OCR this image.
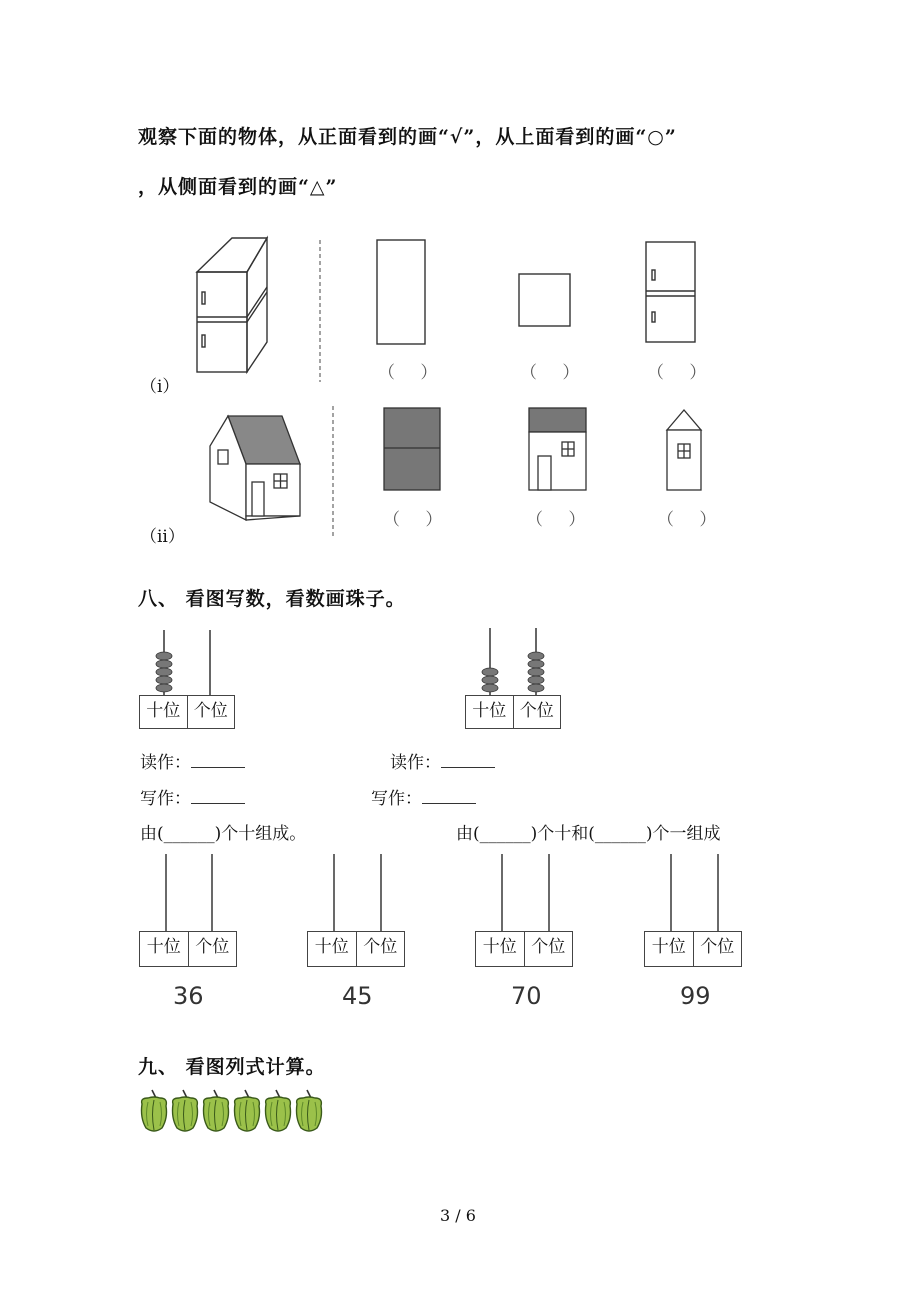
观察下面的物体，从正面看到的画“√”，从上面看到的画“○”
，从侧面看到的画“△”
（i）
（ ）	（ ）	（ ）
（ii）
（ ）	（ ）	（ ）
八、 看图写数，看数画珠子。
十位 个位	十位 个位
读作：	读作：
写作：	写作：
由(______)个十组成。	由(______)个十和(______)个一组成
十位 个位	十位 个位	十位 个位	十位 个位
36	45	70	99
九、 看图列式计算。
3 / 6
